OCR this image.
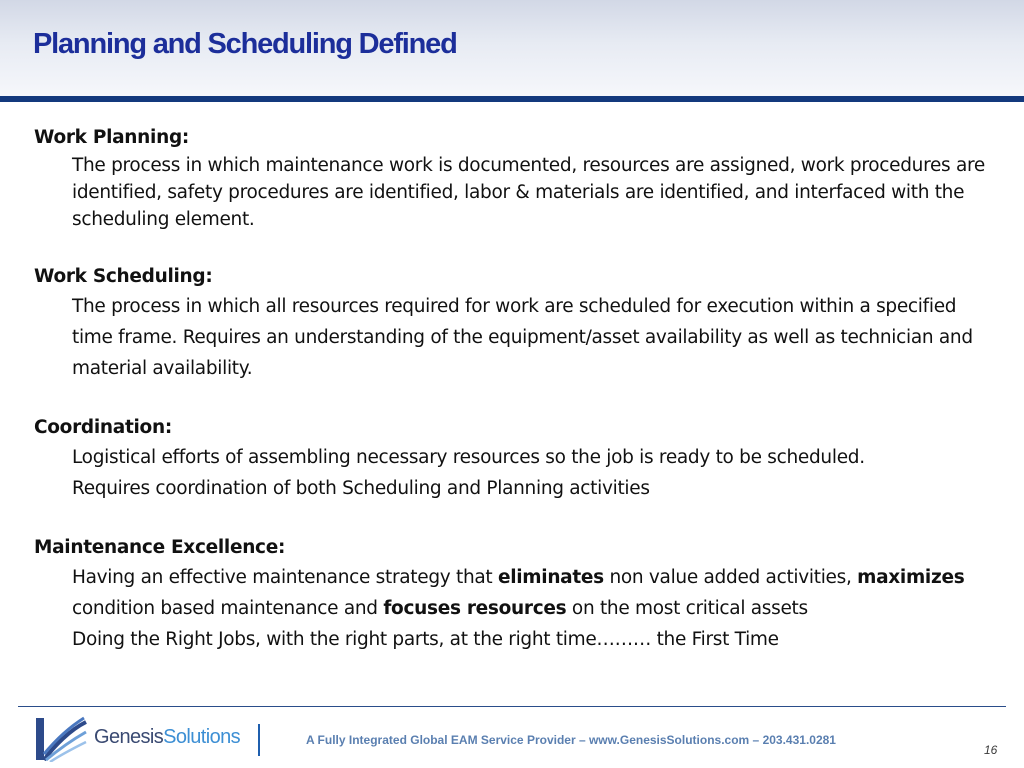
Planning and Scheduling Defined
Work Planning:
The process in which maintenance work is documented, resources are assigned, work procedures are identified, safety procedures are identified, labor & materials are identified, and interfaced with the scheduling element.
Work Scheduling:
The process in which all resources required for work are scheduled for execution within a specified time frame. Requires an understanding of the equipment/asset availability as well as technician and material availability.
Coordination:

Logistical efforts of assembling necessary resources so the job is ready to be scheduled.

Requires coordination of both Scheduling and Planning activities

Maintenance Excellence:

Having an effective maintenance strategy that eliminates non value added activities, maximizes condition based maintenance and focuses resources on the most critical assets

Doing the Right Jobs, with the right parts, at the right time……… the First Time

GenesisSolutions	A Fully Integrated Global EAM Service Provider – www.GenesisSolutions.com – 203.431.0281
16
